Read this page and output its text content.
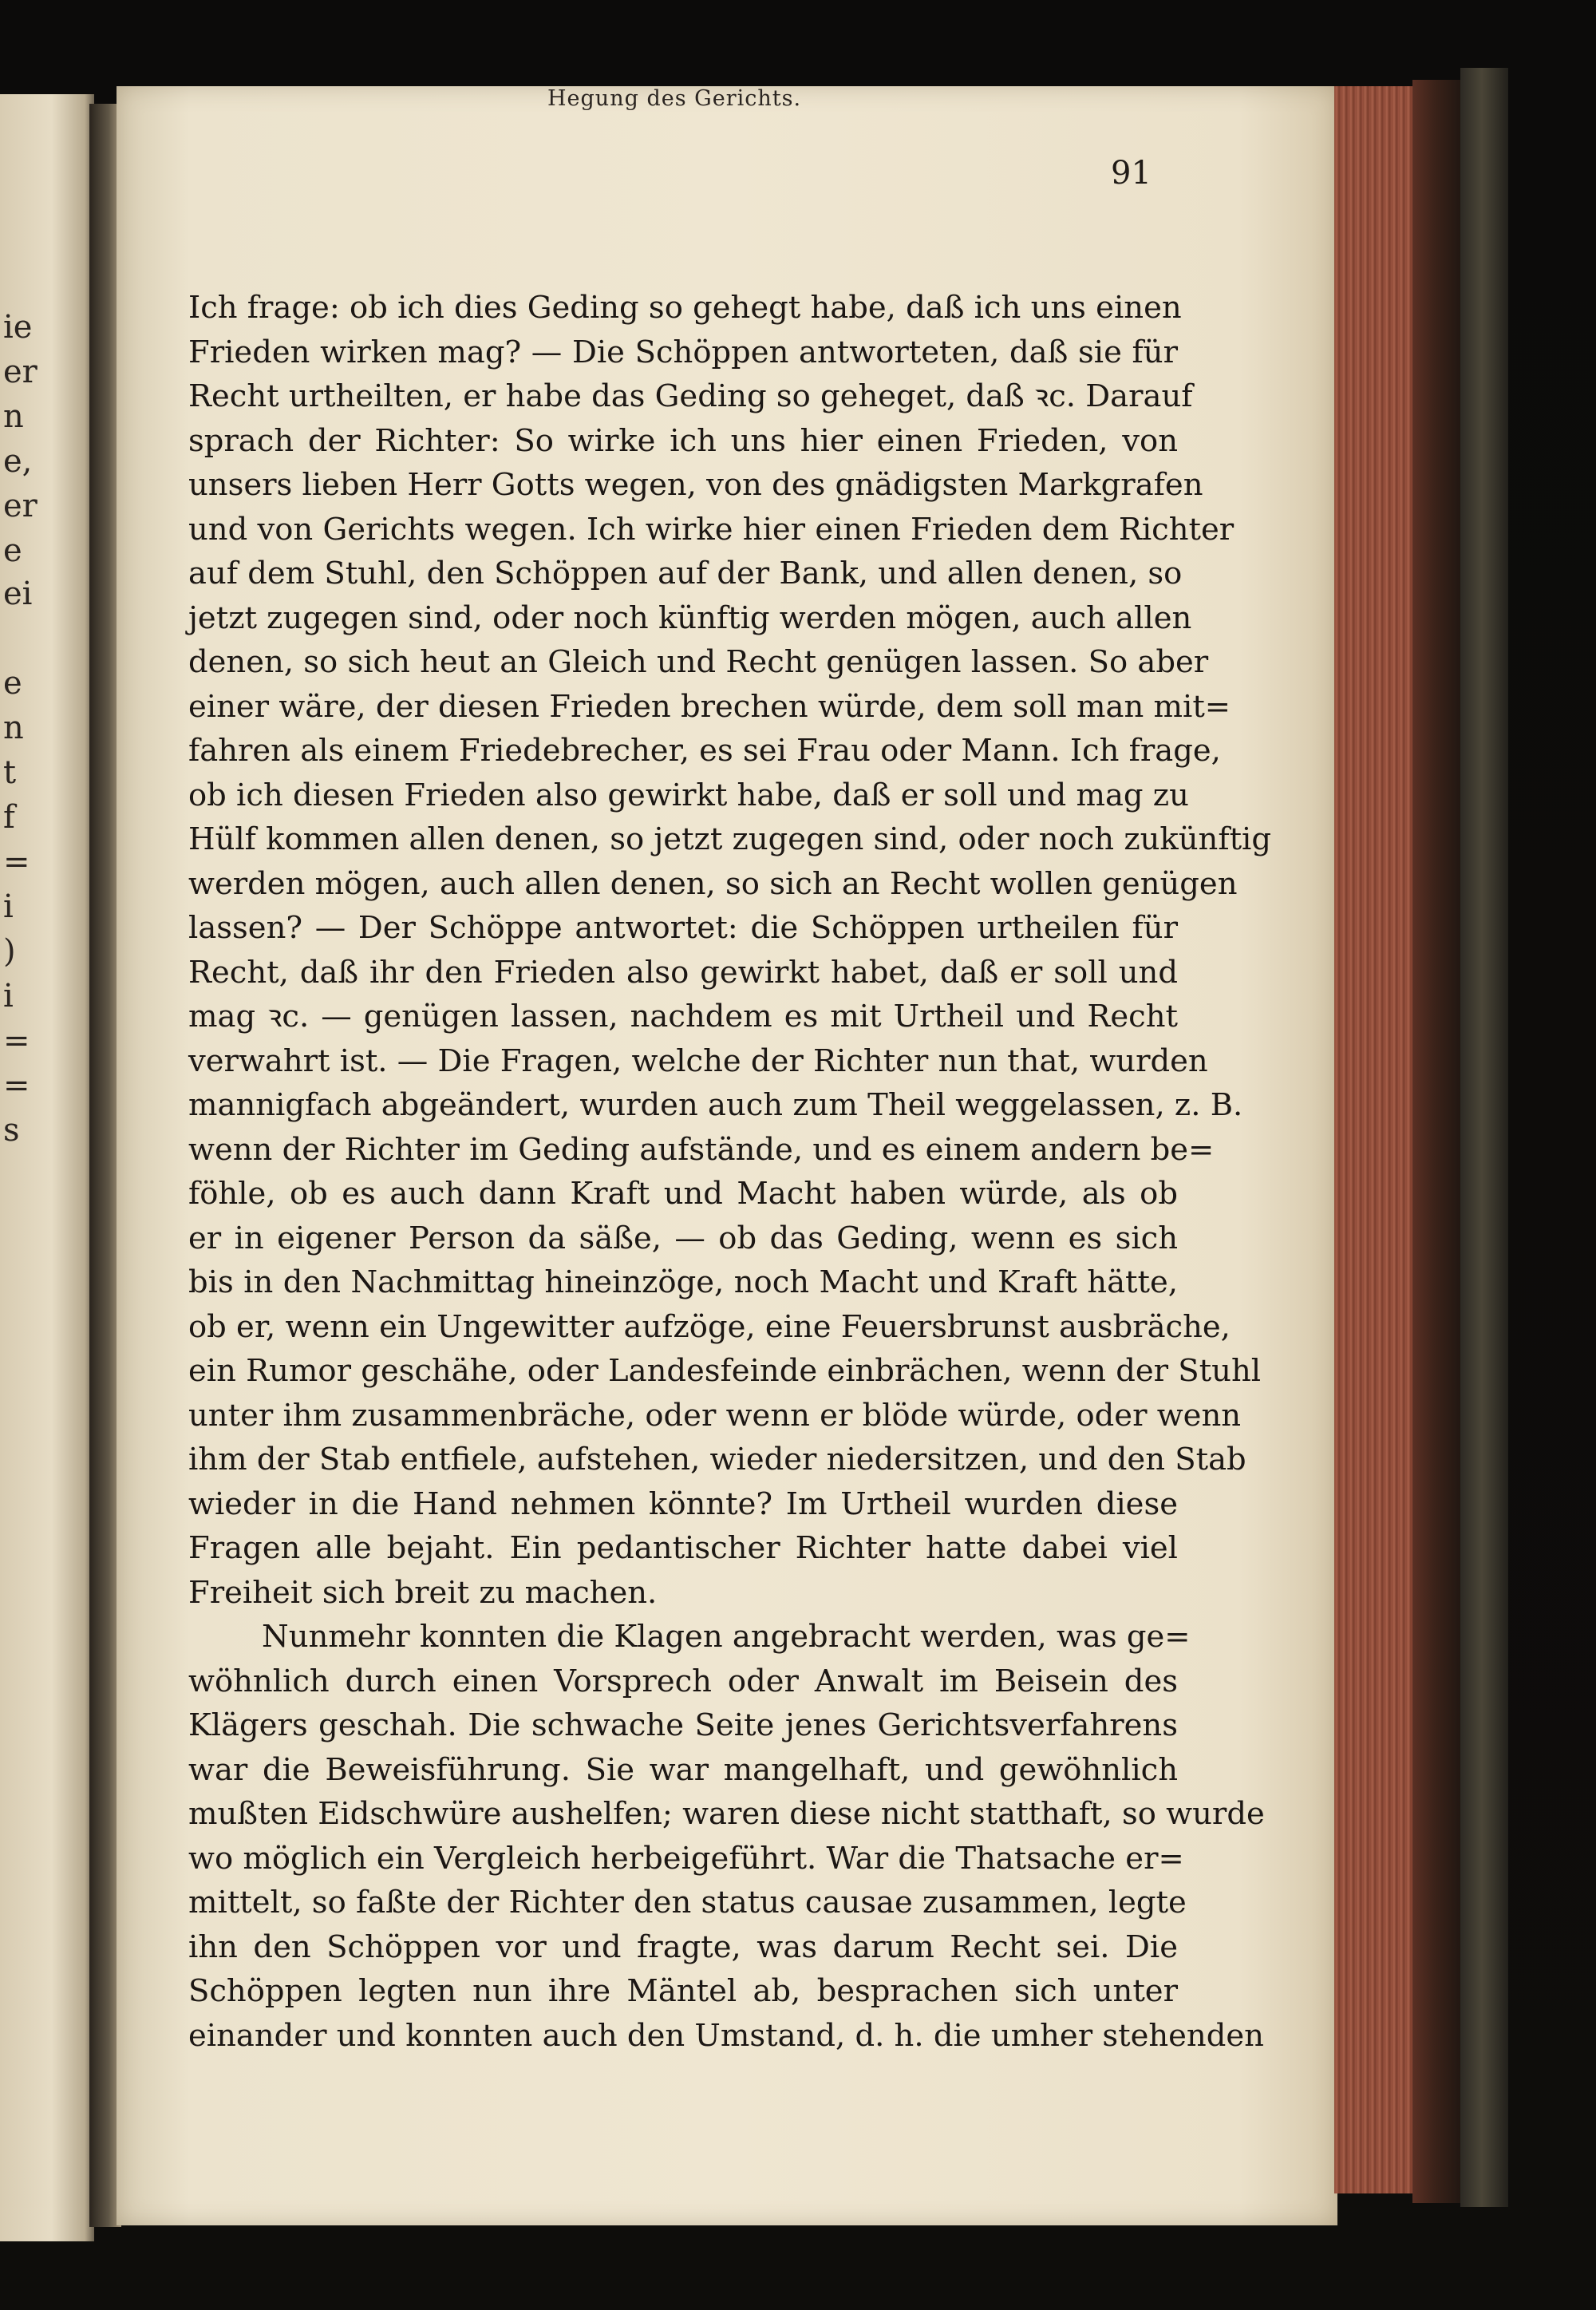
ie
er
n
e,
er
e
ei
e
n
t
f
=
i
)
i
=
=
s
Hegung des Gerichts.
91
Ich frage: ob ich dies Geding so gehegt habe, daß ich uns einen
Frieden wirken mag? — Die Schöppen antworteten, daß sie für
Recht urtheilten, er habe das Geding so geheget, daß ꝛc. Darauf
sprach der Richter: So wirke ich uns hier einen Frieden, von
unsers lieben Herr Gotts wegen, von des gnädigsten Markgrafen
und von Gerichts wegen. Ich wirke hier einen Frieden dem Richter
auf dem Stuhl, den Schöppen auf der Bank, und allen denen, so
jetzt zugegen sind, oder noch künftig werden mögen, auch allen
denen, so sich heut an Gleich und Recht genügen lassen. So aber
einer wäre, der diesen Frieden brechen würde, dem soll man mit=
fahren als einem Friedebrecher, es sei Frau oder Mann. Ich frage,
ob ich diesen Frieden also gewirkt habe, daß er soll und mag zu
Hülf kommen allen denen, so jetzt zugegen sind, oder noch zukünftig
werden mögen, auch allen denen, so sich an Recht wollen genügen
lassen? — Der Schöppe antwortet: die Schöppen urtheilen für
Recht, daß ihr den Frieden also gewirkt habet, daß er soll und
mag ꝛc. — genügen lassen, nachdem es mit Urtheil und Recht
verwahrt ist. — Die Fragen, welche der Richter nun that, wurden
mannigfach abgeändert, wurden auch zum Theil weggelassen, z. B.
wenn der Richter im Geding aufstände, und es einem andern be=
föhle, ob es auch dann Kraft und Macht haben würde, als ob
er in eigener Person da säße, — ob das Geding, wenn es sich
bis in den Nachmittag hineinzöge, noch Macht und Kraft hätte,
ob er, wenn ein Ungewitter aufzöge, eine Feuersbrunst ausbräche,
ein Rumor geschähe, oder Landesfeinde einbrächen, wenn der Stuhl
unter ihm zusammenbräche, oder wenn er blöde würde, oder wenn
ihm der Stab entfiele, aufstehen, wieder niedersitzen, und den Stab
wieder in die Hand nehmen könnte? Im Urtheil wurden diese
Fragen alle bejaht. Ein pedantischer Richter hatte dabei viel
Freiheit sich breit zu machen.
Nunmehr konnten die Klagen angebracht werden, was ge=
wöhnlich durch einen Vorsprech oder Anwalt im Beisein des
Klägers geschah. Die schwache Seite jenes Gerichtsverfahrens
war die Beweisführung. Sie war mangelhaft, und gewöhnlich
mußten Eidschwüre aushelfen; waren diese nicht statthaft, so wurde
wo möglich ein Vergleich herbeigeführt. War die Thatsache er=
mittelt, so faßte der Richter den status causae zusammen, legte
ihn den Schöppen vor und fragte, was darum Recht sei. Die
Schöppen legten nun ihre Mäntel ab, besprachen sich unter
einander und konnten auch den Umstand, d. h. die umher stehenden
